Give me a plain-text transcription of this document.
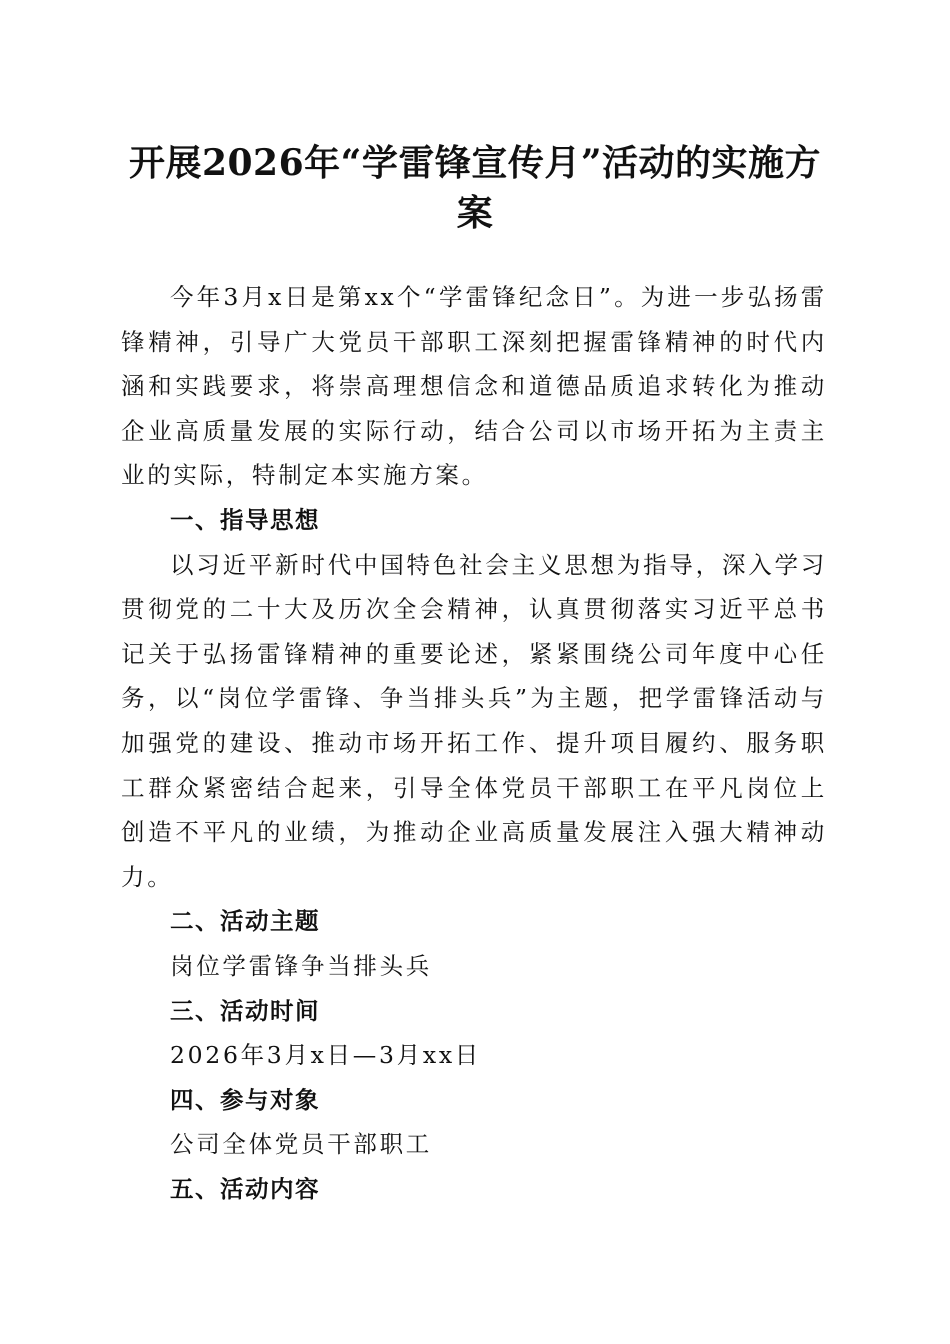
开展2026年“学雷锋宣传月”活动的实施方案

今年3月x日是第xx个“学雷锋纪念日”。为进一步弘扬雷锋精神，引导广大党员干部职工深刻把握雷锋精神的时代内涵和实践要求，将崇高理想信念和道德品质追求转化为推动企业高质量发展的实际行动，结合公司以市场开拓为主责主业的实际，特制定本实施方案。

一、指导思想

以习近平新时代中国特色社会主义思想为指导，深入学习贯彻党的二十大及历次全会精神，认真贯彻落实习近平总书记关于弘扬雷锋精神的重要论述，紧紧围绕公司年度中心任务，以“岗位学雷锋、争当排头兵”为主题，把学雷锋活动与加强党的建设、推动市场开拓工作、提升项目履约、服务职工群众紧密结合起来，引导全体党员干部职工在平凡岗位上创造不平凡的业绩，为推动企业高质量发展注入强大精神动力。

二、活动主题

岗位学雷锋争当排头兵

三、活动时间

2026年3月x日—3月xx日

四、参与对象

公司全体党员干部职工

五、活动内容
